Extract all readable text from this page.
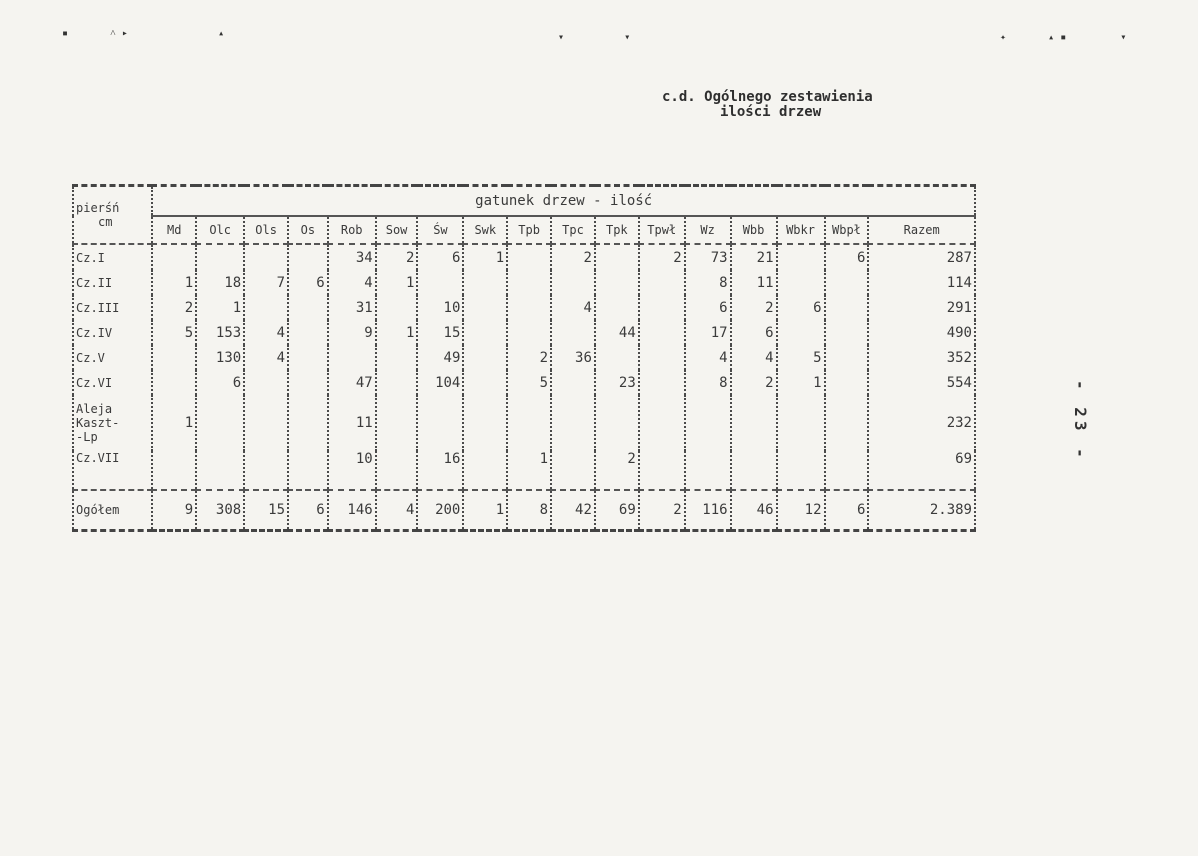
▪       ˄ ▸               ▴	▾          ▾	✦       ▴ ▪         ▾
c.d. Ogólnego zestawienia

ilości drzew
- 23 -
pierśń
cm	gatunek drzew - ilość																
	Md	Olc	Ols	Os	Rob	Sow	Św	Swk	Tpb	Tpc	Tpk	Tpwł	Wz	Wbb	Wbkr	Wbpł	Razem
Cz.I					34	2	6	1		2		2	73	21		6	287
Cz.II	1	18	7	6	4	1							8	11			114
Cz.III	2	1			31		10			4			6	2	6		291
Cz.IV	5	153	4		9	1	15				44		17	6			490
Cz.V		130	4				49		2	36			4	4	5		352
Cz.VI		6			47		104		5		23		8	2	1		554

Aleja
Kaszt-
-Lp	1				11												232
Cz.VII					10		16		1		2						69
Ogółem	9	308	15	6	146	4	200	1	8	42	69	2	116	46	12	6	2.389
